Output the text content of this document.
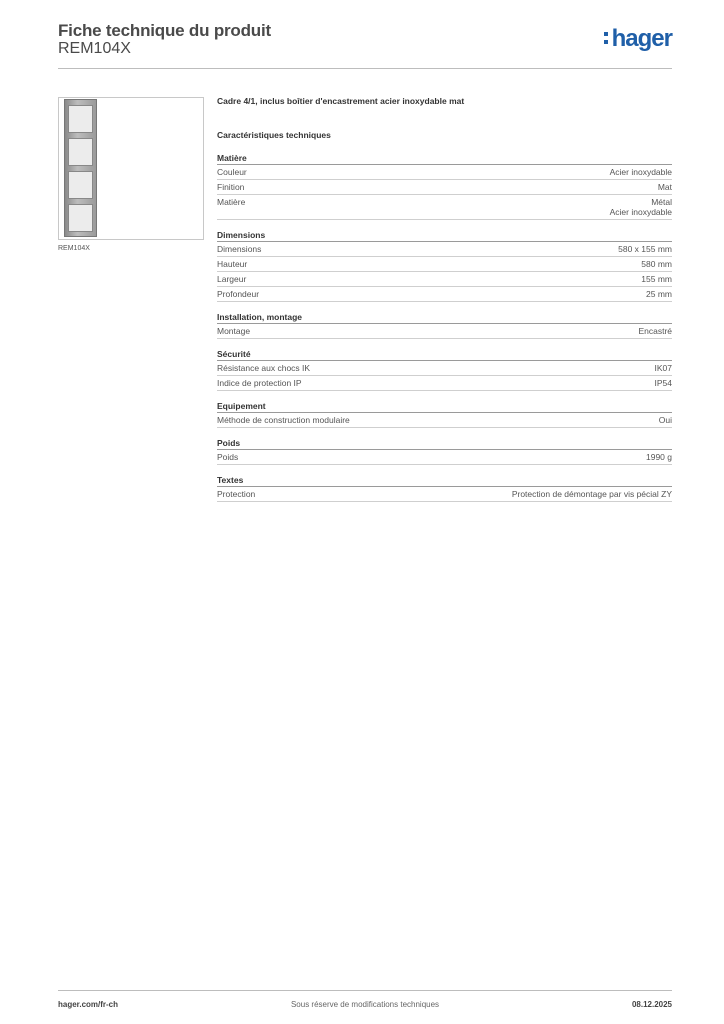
Fiche technique du produit
REM104X	hager
REM104X
Cadre 4/1, inclus boîtier d'encastrement acier inoxydable mat
Caractéristiques techniques
Matière
Couleur	Acier inoxydable
Finition	Mat
Matière	Métal
Acier inoxydable
Dimensions
Dimensions	580 x 155 mm
Hauteur	580 mm
Largeur	155 mm
Profondeur	25 mm
Installation, montage
Montage	Encastré
Sécurité
Résistance aux chocs IK	IK07
Indice de protection IP	IP54
Equipement
Méthode de construction modulaire	Oui
Poids
Poids	1990 g
Textes
Protection	Protection de démontage par vis pécial ZY
hager.com/fr-ch	Sous réserve de modifications techniques	08.12.2025
